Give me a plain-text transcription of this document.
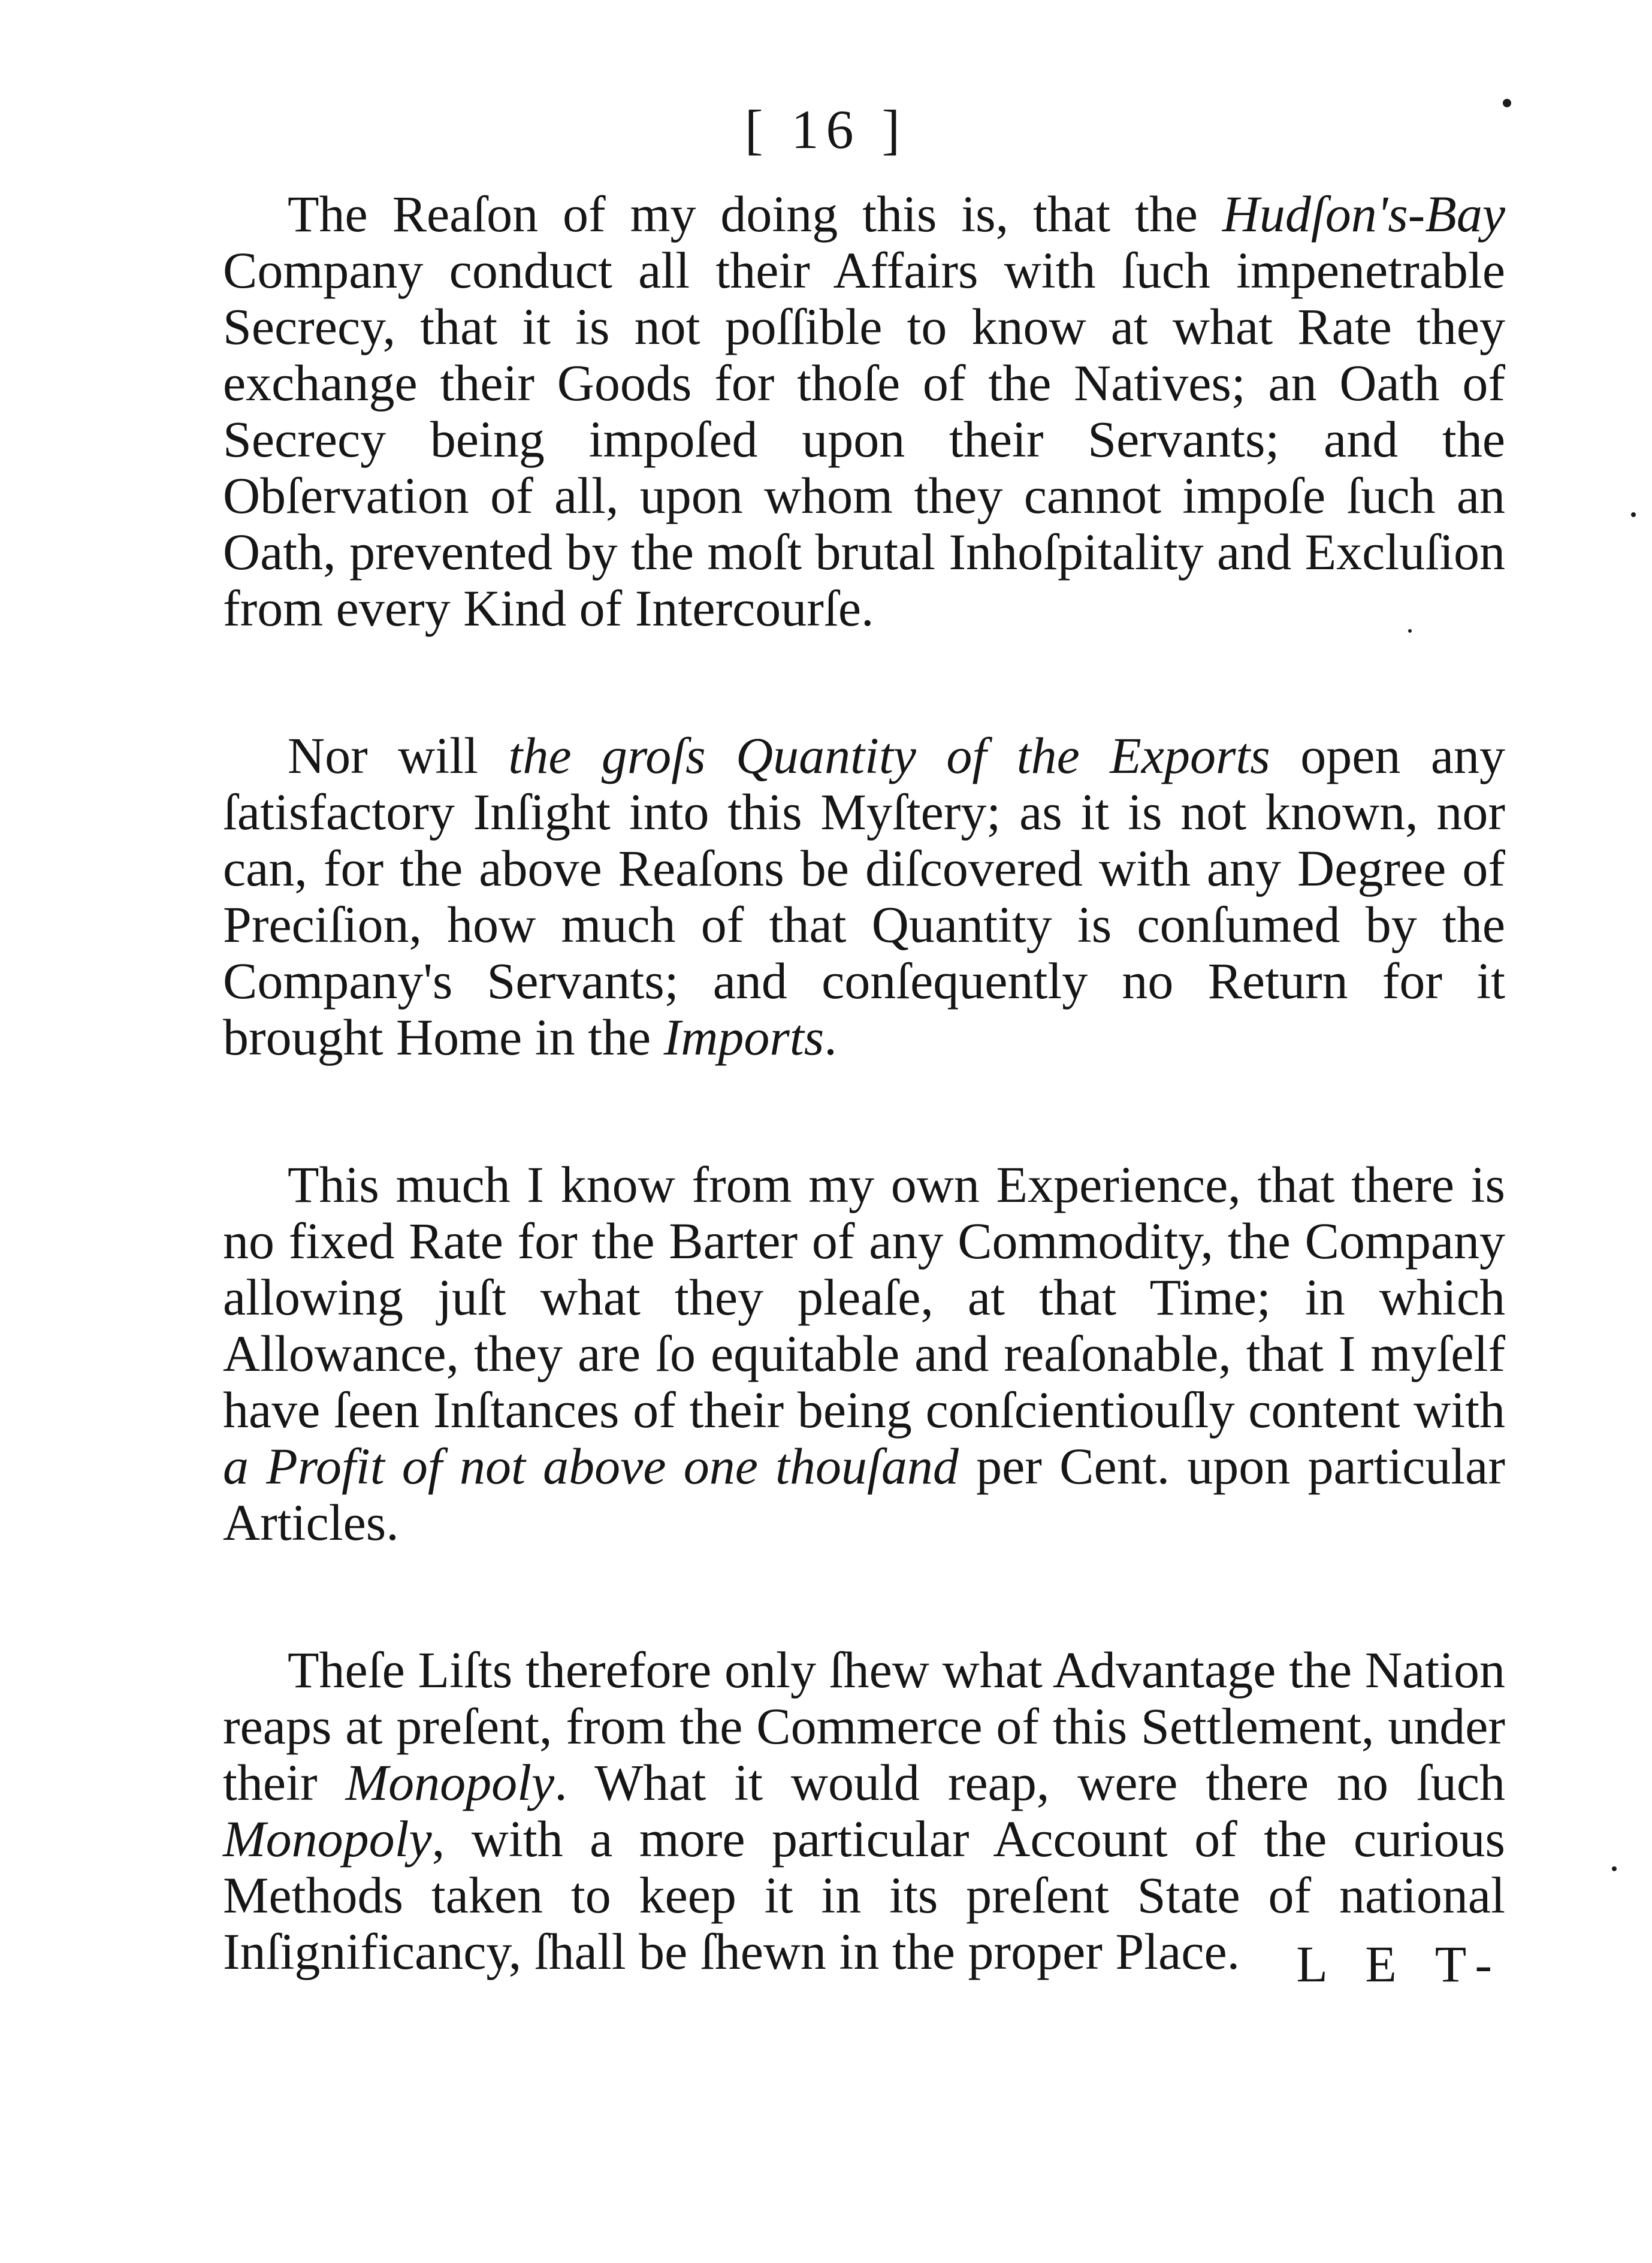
[ 16 ]

The Reaſon of my doing this is, that the Hudſon's-Bay Company conduct all their Affairs with ſuch impenetrable Secrecy, that it is not poſſible to know at what Rate they exchange their Goods for thoſe of the Natives; an Oath of Secrecy being impoſed upon their Servants; and the Obſervation of all, upon whom they cannot impoſe ſuch an Oath, prevented by the moſt brutal Inhoſpitality and Excluſion from every Kind of Intercourſe.

Nor will the groſs Quantity of the Exports open any ſatisfactory Inſight into this Myſtery; as it is not known, nor can, for the above Reaſons be diſcovered with any Degree of Preciſion, how much of that Quantity is conſumed by the Company's Servants; and conſequently no Return for it brought Home in the Imports.

This much I know from my own Experience, that there is no fixed Rate for the Barter of any Commodity, the Company allowing juſt what they pleaſe, at that Time; in which Allowance, they are ſo equitable and reaſonable, that I myſelf have ſeen Inſtances of their being conſcientiouſly content with a Profit of not above one thouſand per Cent. upon particular Articles.

Theſe Liſts therefore only ſhew what Advantage the Nation reaps at preſent, from the Commerce of this Settlement, under their Monopoly. What it would reap, were there no ſuch Monopoly, with a more particular Account of the curious Methods taken to keep it in its preſent State of national Inſignificancy, ſhall be ſhewn in the proper Place.	L E T-
